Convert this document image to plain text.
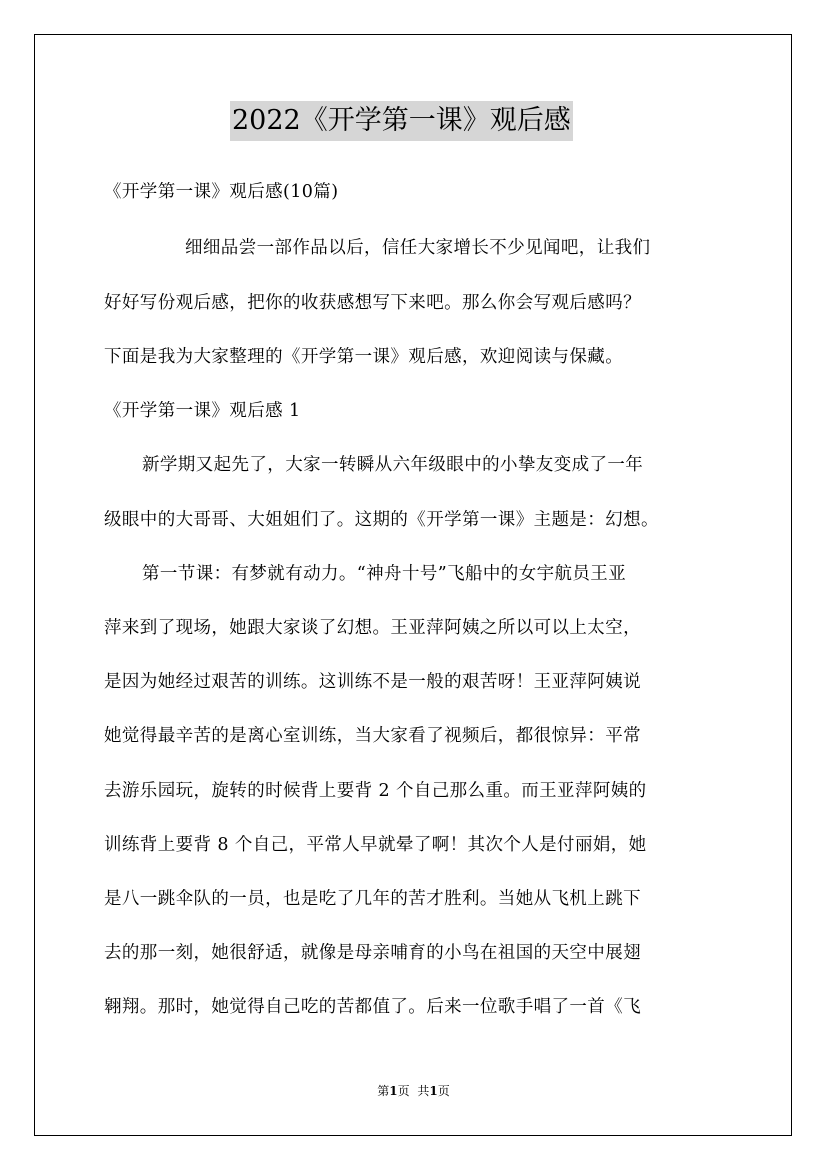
2022《开学第一课》观后感
《开学第一课》观后感(10篇)
细细品尝一部作品以后，信任大家增长不少见闻吧，让我们
好好写份观后感，把你的收获感想写下来吧。那么你会写观后感吗？
下面是我为大家整理的《开学第一课》观后感，欢迎阅读与保藏。
《开学第一课》观后感 1
新学期又起先了，大家一转瞬从六年级眼中的小挚友变成了一年
级眼中的大哥哥、大姐姐们了。这期的《开学第一课》主题是：幻想。
第一节课：有梦就有动力。“神舟十号”飞船中的女宇航员王亚
萍来到了现场，她跟大家谈了幻想。王亚萍阿姨之所以可以上太空，
是因为她经过艰苦的训练。这训练不是一般的艰苦呀！王亚萍阿姨说
她觉得最辛苦的是离心室训练，当大家看了视频后，都很惊异：平常
去游乐园玩，旋转的时候背上要背 2 个自己那么重。而王亚萍阿姨的
训练背上要背 8 个自己，平常人早就晕了啊！其次个人是付丽娟，她
是八一跳伞队的一员，也是吃了几年的苦才胜利。当她从飞机上跳下
去的那一刻，她很舒适，就像是母亲哺育的小鸟在祖国的天空中展翅
翱翔。那时，她觉得自己吃的苦都值了。后来一位歌手唱了一首《飞
第1页 共1页
